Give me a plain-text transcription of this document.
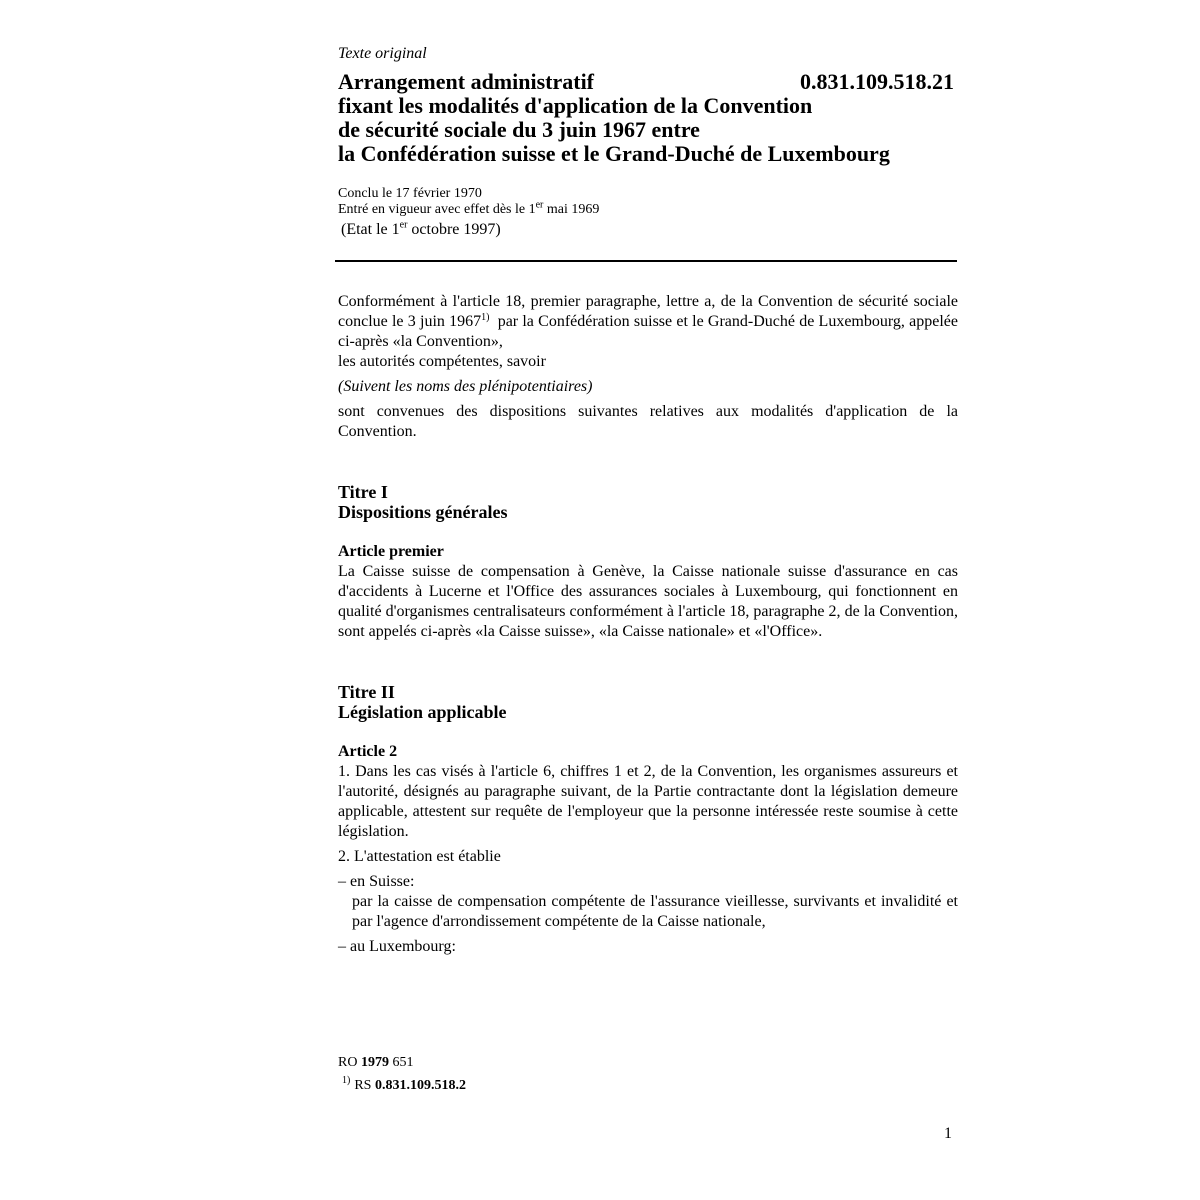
Texte original
Arrangement administratif
fixant les modalités d'application de la Convention
de sécurité sociale du 3 juin 1967 entre
la Confédération suisse et le Grand-Duché de Luxembourg
0.831.109.518.21
Conclu le 17 février 1970
Entré en vigueur avec effet dès le 1er mai 1969
(Etat le 1er octobre 1997)

Conformément à l'article 18, premier paragraphe, lettre a, de la Convention de sécurité sociale conclue le 3 juin 1967$^{1)}$ par la Confédération suisse et le Grand-Duché de Luxembourg, appelée ci-après «la Convention»,

les autorités compétentes, savoir

(Suivent les noms des plénipotentiaires)

sont convenues des dispositions suivantes relatives aux modalités d'application de la Convention.

Titre I
Dispositions générales
Article premier

La Caisse suisse de compensation à Genève, la Caisse nationale suisse d'assurance en cas d'accidents à Lucerne et l'Office des assurances sociales à Luxembourg, qui fonctionnent en qualité d'organismes centralisateurs conformément à l'article 18, paragraphe 2, de la Convention, sont appelés ci-après «la Caisse suisse», «la Caisse nationale» et «l'Office».

Titre II
Législation applicable
Article 2

1. Dans les cas visés à l'article 6, chiffres 1 et 2, de la Convention, les organismes assureurs et l'autorité, désignés au paragraphe suivant, de la Partie contractante dont la législation demeure applicable, attestent sur requête de l'employeur que la personne intéressée reste soumise à cette législation.

2. L'attestation est établie

– en Suisse:
par la caisse de compensation compétente de l'assurance vieillesse, survivants et invalidité et par l'agence d'arrondissement compétente de la Caisse nationale,
– au Luxembourg:
RO 1979 651
$^{1)}$ RS 0.831.109.518.2
1
